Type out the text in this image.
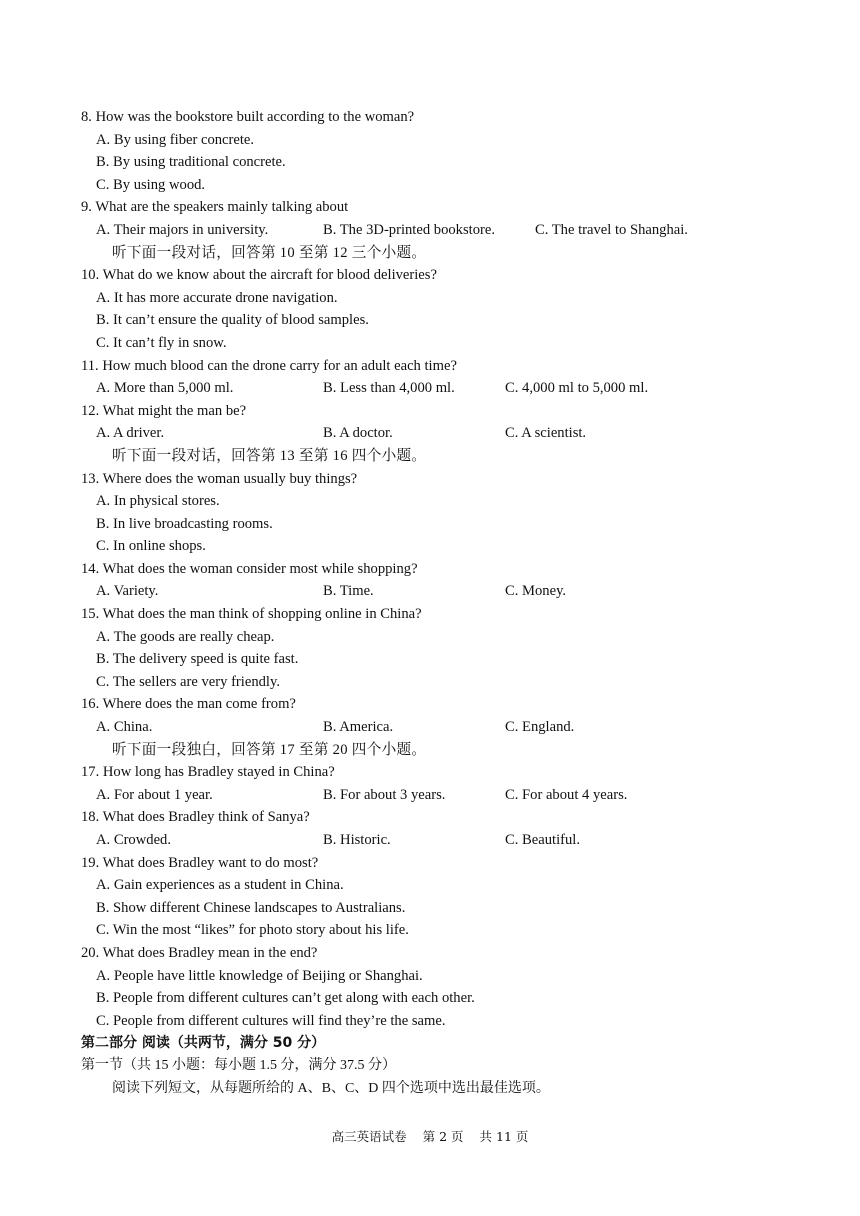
8. How was the bookstore built according to the woman?
A. By using fiber concrete.
B. By using traditional concrete.
C. By using wood.
9. What are the speakers mainly talking about
A. Their majors in university.	B. The 3D-printed bookstore.	C. The travel to Shanghai.
听下面一段对话，回答第 10 至第 12 三个小题。
10. What do we know about the aircraft for blood deliveries?
A. It has more accurate drone navigation.
B. It can’t ensure the quality of blood samples.
C. It can’t fly in snow.
11. How much blood can the drone carry for an adult each time?
A. More than 5,000 ml.	B. Less than 4,000 ml.	C. 4,000 ml to 5,000 ml.
12. What might the man be?
A. A driver.	B. A doctor.	C. A scientist.
听下面一段对话，回答第 13 至第 16 四个小题。
13. Where does the woman usually buy things?
A. In physical stores.
B. In live broadcasting rooms.
C. In online shops.
14. What does the woman consider most while shopping?
A. Variety.	B. Time.	C. Money.
15. What does the man think of shopping online in China?
A. The goods are really cheap.
B. The delivery speed is quite fast.
C. The sellers are very friendly.
16. Where does the man come from?
A. China.	B. America.	C. England.
听下面一段独白，回答第 17 至第 20 四个小题。
17. How long has Bradley stayed in China?
A. For about 1 year.	B. For about 3 years.	C. For about 4 years.
18. What does Bradley think of Sanya?
A. Crowded.	B. Historic.	C. Beautiful.
19. What does Bradley want to do most?
A. Gain experiences as a student in China.
B. Show different Chinese landscapes to Australians.
C. Win the most “likes” for photo story about his life.
20. What does Bradley mean in the end?
A. People have little knowledge of Beijing or Shanghai.
B. People from different cultures can’t get along with each other.
C. People from different cultures will find they’re the same.
第二部分 阅读（共两节，满分 50 分）
第一节（共 15 小题：每小题 1.5 分，满分 37.5 分）
阅读下列短文，从每题所给的 A、B、C、D 四个选项中选出最佳选项。
高三英语试卷 第 2 页 共 11 页
